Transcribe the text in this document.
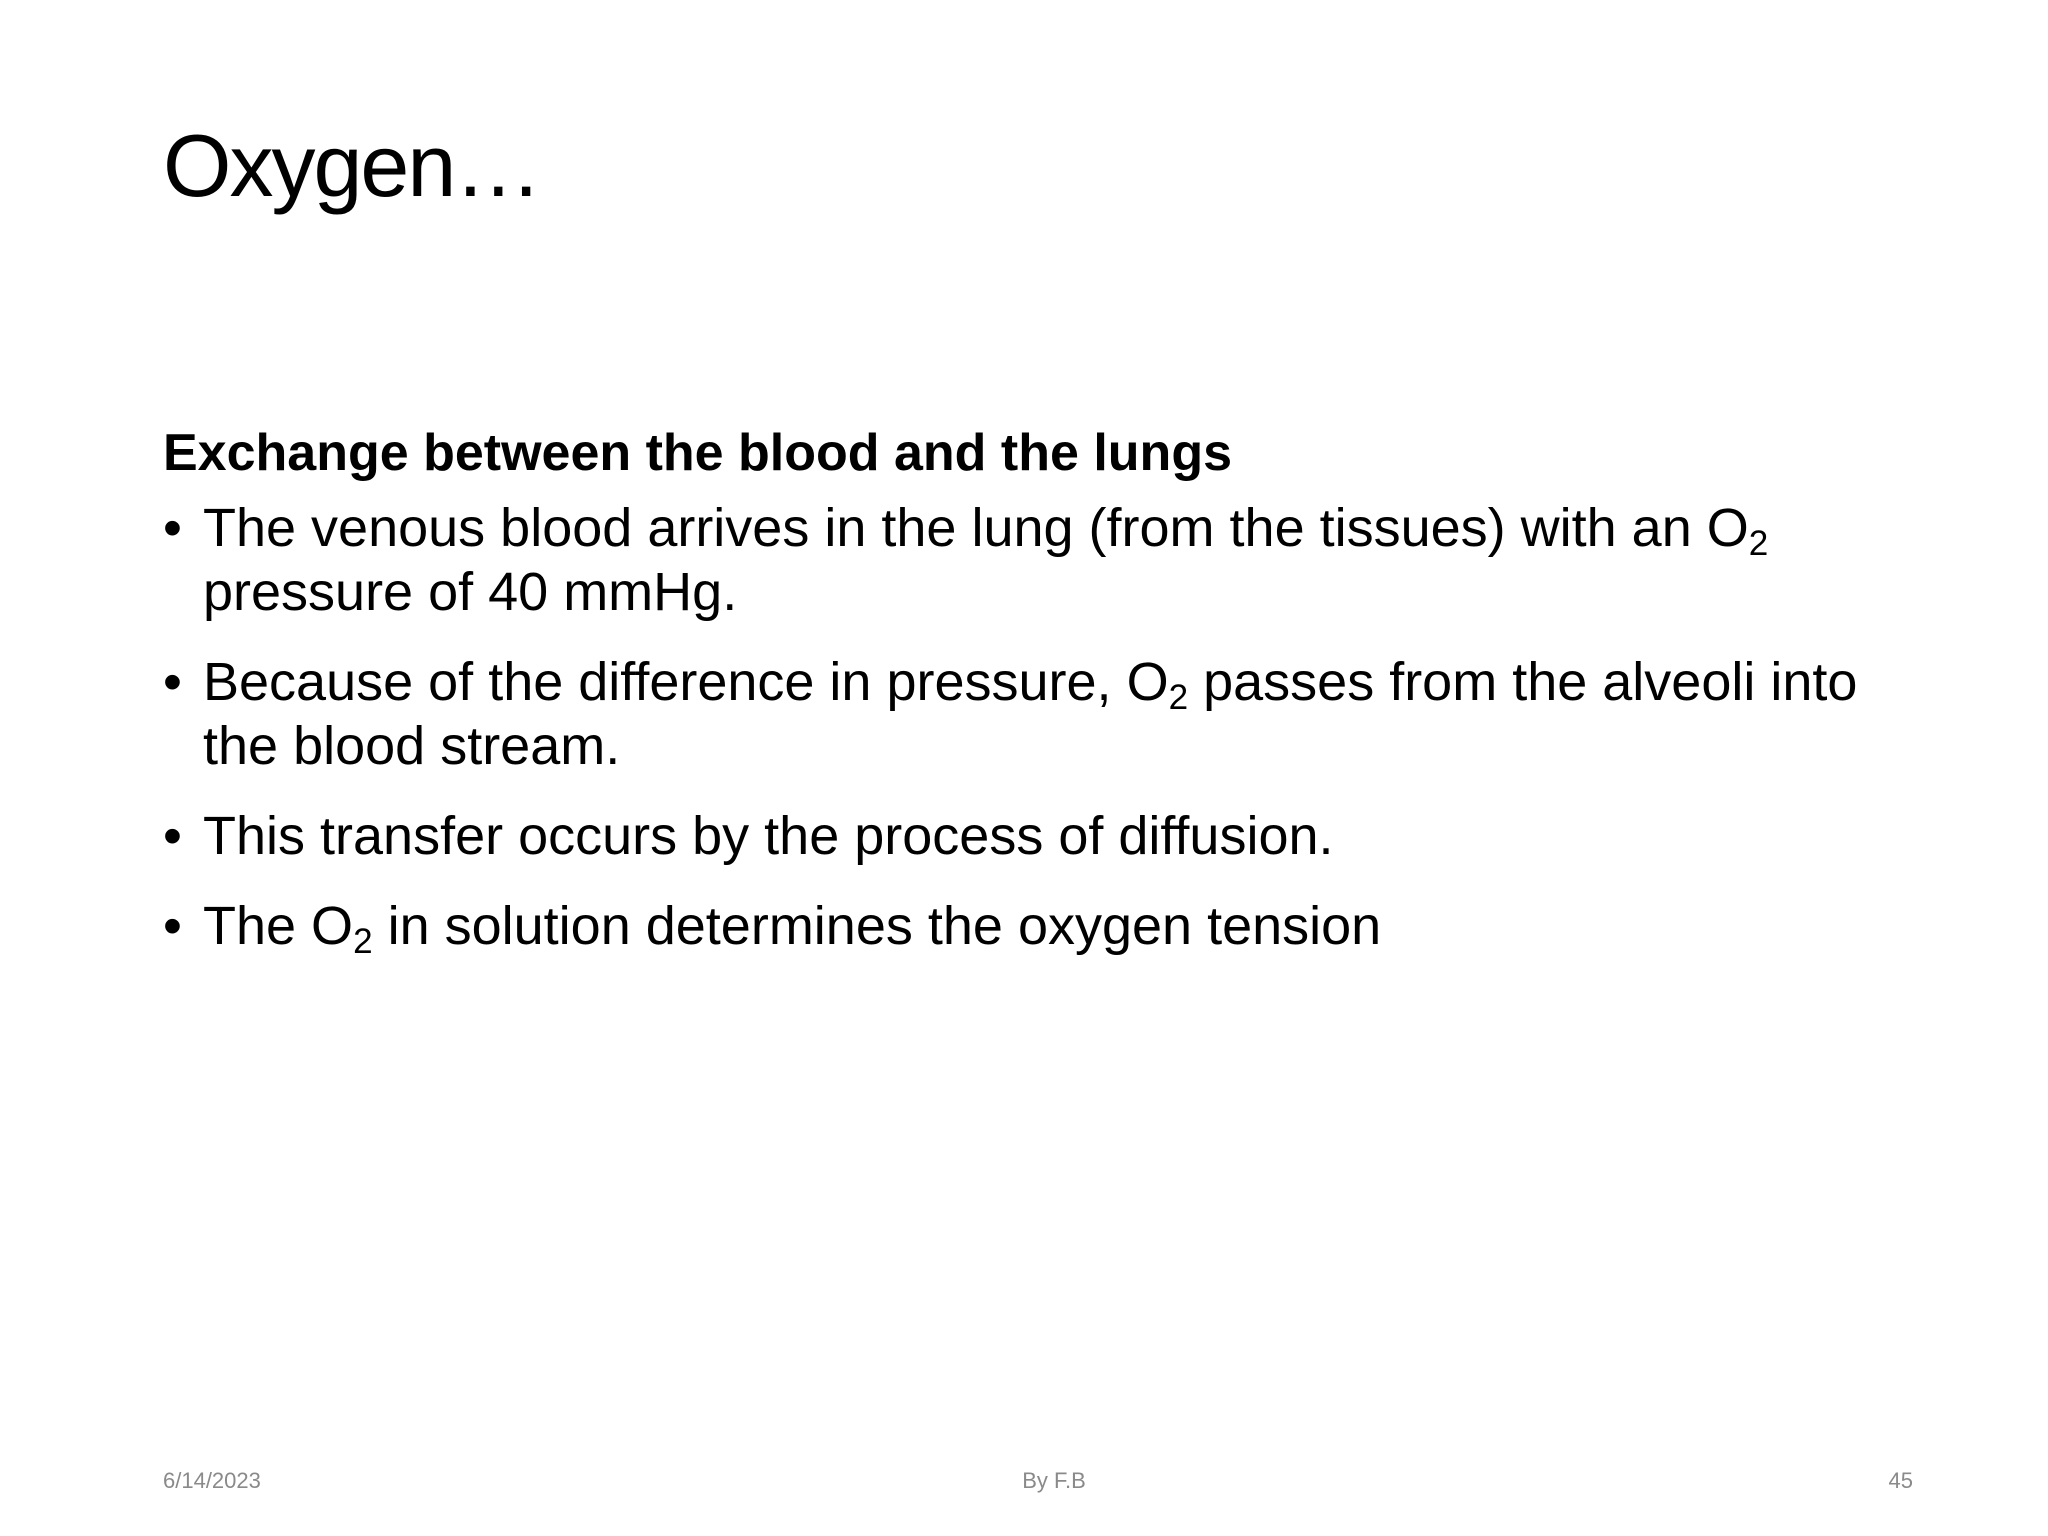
Oxygen…
Exchange between the blood and the lungs
• The venous blood arrives in the lung (from the tissues) with an $O_2$ pressure of 40 mmHg.
• Because of the difference in pressure, $O_2$ passes from the alveoli into the blood stream.
• This transfer occurs by the process of diffusion.
• The $O_2$ in solution determines the oxygen tension
6/14/2023	By F.B	45
